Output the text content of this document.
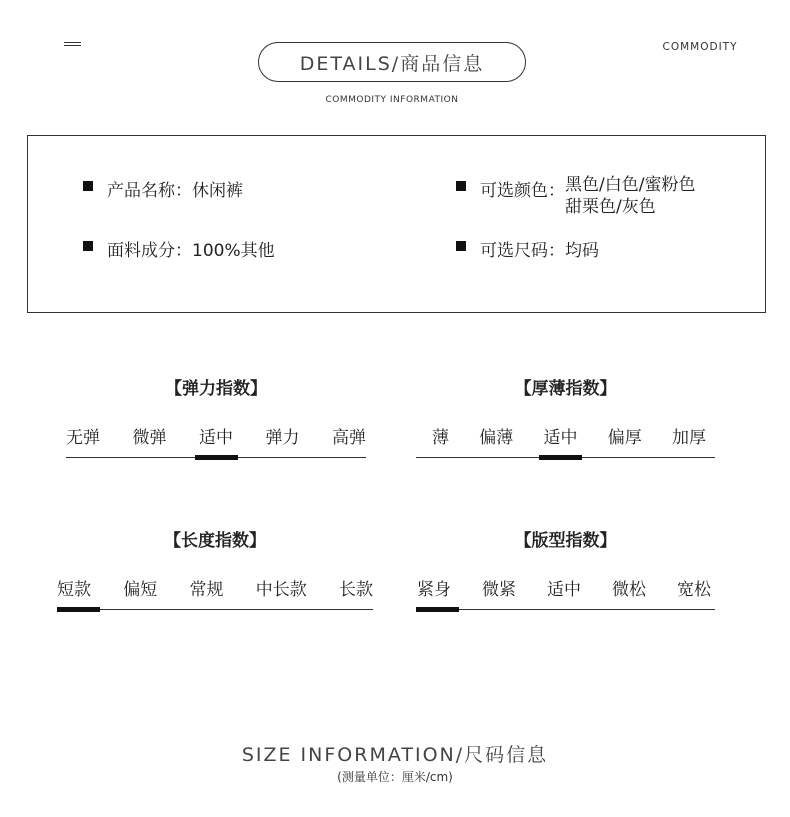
DETAILS/商品信息
COMMODITY
COMMODITY INFORMATION
产品名称： 休闲裤
面料成分： 100%其他
可选颜色： 黑色/白色/蜜粉色
甜栗色/灰色
可选尺码： 均码
【弹力指数】
无弹 微弹 适中 弹力 高弹
【厚薄指数】
薄 偏薄 适中 偏厚 加厚
【长度指数】
短款 偏短 常规 中长款 长款
【版型指数】
紧身 微紧 适中 微松 宽松
SIZE INFORMATION/尺码信息
(测量单位：厘米/cm)
